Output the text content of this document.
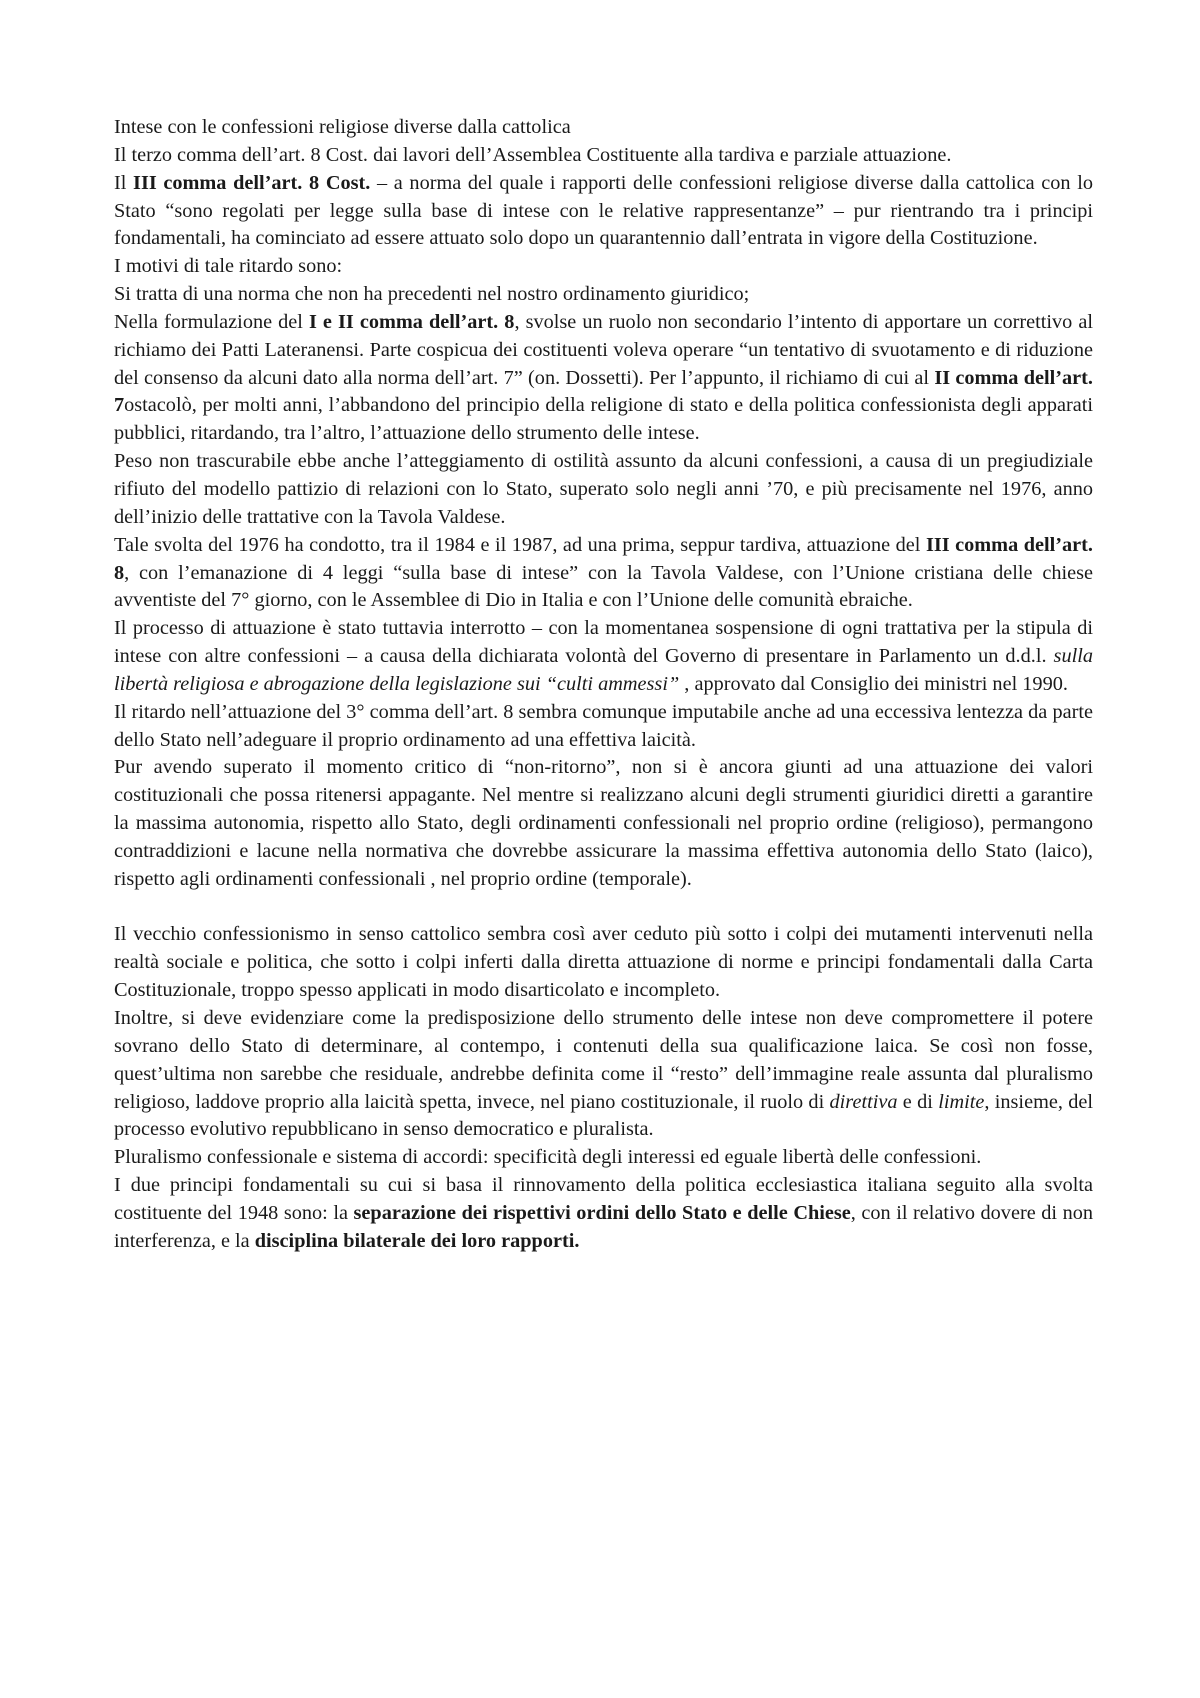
Intese con le confessioni religiose diverse dalla cattolica

Il terzo comma dell’art. 8 Cost. dai lavori dell’Assemblea Costituente alla tardiva e parziale attuazione.

Il III comma dell’art. 8 Cost. – a norma del quale i rapporti delle confessioni religiose diverse dalla cattolica con lo Stato “sono regolati per legge sulla base di intese con le relative rappresentanze” – pur rientrando tra i principi fondamentali, ha cominciato ad essere attuato solo dopo un quarantennio dall’entrata in vigore della Costituzione.

I motivi di tale ritardo sono:

Si tratta di una norma che non ha precedenti nel nostro ordinamento giuridico;

Nella formulazione del I e II comma dell’art. 8, svolse un ruolo non secondario l’intento di apportare un correttivo al richiamo dei Patti Lateranensi. Parte cospicua dei costituenti voleva operare “un tentativo di svuotamento e di riduzione del consenso da alcuni dato alla norma dell’art. 7” (on. Dossetti). Per l’appunto, il richiamo di cui al II comma dell’art. 7ostacolò, per molti anni, l’abbandono del principio della religione di stato e della politica confessionista degli apparati pubblici, ritardando, tra l’altro, l’attuazione dello strumento delle intese.

Peso non trascurabile ebbe anche l’atteggiamento di ostilità assunto da alcuni confessioni, a causa di un pregiudiziale rifiuto del modello pattizio di relazioni con lo Stato, superato solo negli anni ’70, e più precisamente nel 1976, anno dell’inizio delle trattative con la Tavola Valdese.

Tale svolta del 1976 ha condotto, tra il 1984 e il 1987, ad una prima, seppur tardiva, attuazione del III comma dell’art. 8, con l’emanazione di 4 leggi “sulla base di intese” con la Tavola Valdese, con l’Unione cristiana delle chiese avventiste del 7° giorno, con le Assemblee di Dio in Italia e con l’Unione delle comunità ebraiche.

Il processo di attuazione è stato tuttavia interrotto – con la momentanea sospensione di ogni trattativa per la stipula di intese con altre confessioni – a causa della dichiarata volontà del Governo di presentare in Parlamento un d.d.l. sulla libertà religiosa e abrogazione della legislazione sui “culti ammessi” , approvato dal Consiglio dei ministri nel 1990.

Il ritardo nell’attuazione del 3° comma dell’art. 8 sembra comunque imputabile anche ad una eccessiva lentezza da parte dello Stato nell’adeguare il proprio ordinamento ad una effettiva laicità.

Pur avendo superato il momento critico di “non-ritorno”, non si è ancora giunti ad una attuazione dei valori costituzionali che possa ritenersi appagante. Nel mentre si realizzano alcuni degli strumenti giuridici diretti a garantire la massima autonomia, rispetto allo Stato, degli ordinamenti confessionali nel proprio ordine (religioso), permangono contraddizioni e lacune nella normativa che dovrebbe assicurare la massima effettiva autonomia dello Stato (laico), rispetto agli ordinamenti confessionali , nel proprio ordine (temporale).

Il vecchio confessionismo in senso cattolico sembra così aver ceduto più sotto i colpi dei mutamenti intervenuti nella realtà sociale e politica, che sotto i colpi inferti dalla diretta attuazione di norme e principi fondamentali dalla Carta Costituzionale, troppo spesso applicati in modo disarticolato e incompleto.

Inoltre, si deve evidenziare come la predisposizione dello strumento delle intese non deve compromettere il potere sovrano dello Stato di determinare, al contempo, i contenuti della sua qualificazione laica. Se così non fosse, quest’ultima non sarebbe che residuale, andrebbe definita come il “resto” dell’immagine reale assunta dal pluralismo religioso, laddove proprio alla laicità spetta, invece, nel piano costituzionale, il ruolo di direttiva e di limite, insieme, del processo evolutivo repubblicano in senso democratico e pluralista.

Pluralismo confessionale e sistema di accordi: specificità degli interessi ed eguale libertà delle confessioni.

I due principi fondamentali su cui si basa il rinnovamento della politica ecclesiastica italiana seguito alla svolta costituente del 1948 sono: la separazione dei rispettivi ordini dello Stato e delle Chiese, con il relativo dovere di non interferenza, e la disciplina bilaterale dei loro rapporti.
